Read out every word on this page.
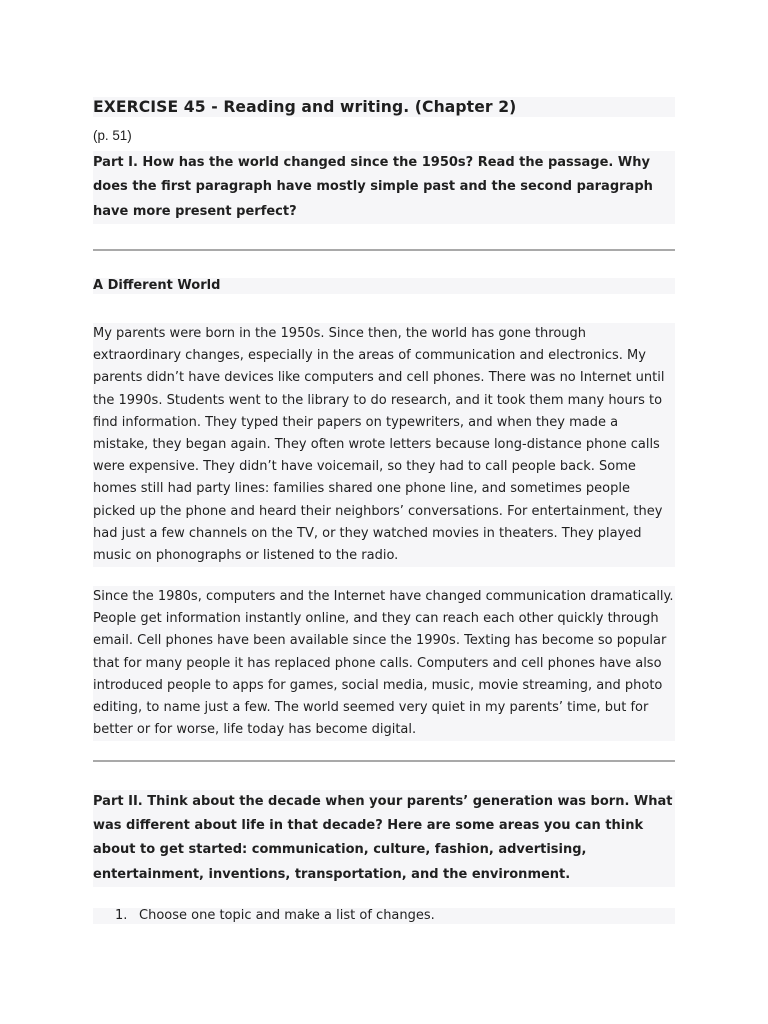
EXERCISE 45 - Reading and writing. (Chapter 2)
(p. 51)
Part I. How has the world changed since the 1950s? Read the passage. Why does the first paragraph have mostly simple past and the second paragraph have more present perfect?
A Different World
My parents were born in the 1950s. Since then, the world has gone through extraordinary changes, especially in the areas of communication and electronics. My parents didn’t have devices like computers and cell phones. There was no Internet until the 1990s. Students went to the library to do research, and it took them many hours to find information. They typed their papers on typewriters, and when they made a mistake, they began again. They often wrote letters because long-distance phone calls were expensive. They didn’t have voicemail, so they had to call people back. Some homes still had party lines: families shared one phone line, and sometimes people picked up the phone and heard their neighbors’ conversations. For entertainment, they had just a few channels on the TV, or they watched movies in theaters. They played music on phonographs or listened to the radio.
Since the 1980s, computers and the Internet have changed communication dramatically. People get information instantly online, and they can reach each other quickly through email. Cell phones have been available since the 1990s. Texting has become so popular that for many people it has replaced phone calls. Computers and cell phones have also introduced people to apps for games, social media, music, movie streaming, and photo editing, to name just a few. The world seemed very quiet in my parents’ time, but for better or for worse, life today has become digital.
Part II. Think about the decade when your parents’ generation was born. What was different about life in that decade? Here are some areas you can think about to get started: communication, culture, fashion, advertising, entertainment, inventions, transportation, and the environment.
1. Choose one topic and make a list of changes.
